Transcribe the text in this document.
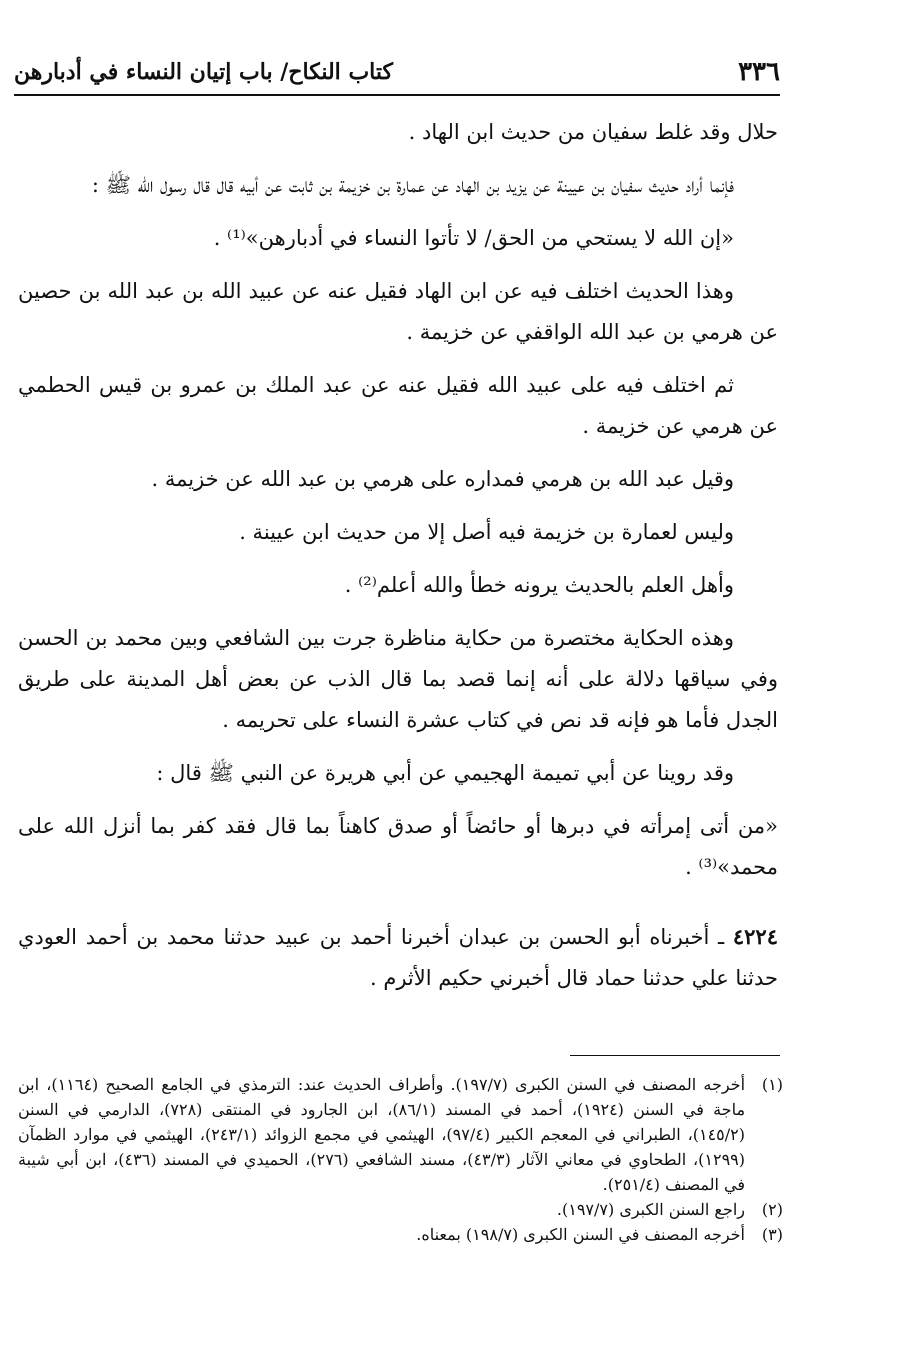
٣٣٦
كتاب النكاح/ باب إتيان النساء في أدبارهن

حلال وقد غلط سفيان من حديث ابن الهاد .

فإنما أراد حديث سفيان بن عيينة عن يزيد بن الهاد عن عمارة بن خزيمة بن ثابت عن أبيه قال قال رسول الله ﷺ :

«إن الله لا يستحي من الحق/ لا تأتوا النساء في أدبارهن»⁽¹⁾ .

وهذا الحديث اختلف فيه عن ابن الهاد فقيل عنه عن عبيد الله بن عبد الله بن حصين عن هرمي بن عبد الله الواقفي عن خزيمة .

ثم اختلف فيه على عبيد الله فقيل عنه عن عبد الملك بن عمرو بن قيس الحطمي عن هرمي عن خزيمة .

وقيل عبد الله بن هرمي فمداره على هرمي بن عبد الله عن خزيمة .

وليس لعمارة بن خزيمة فيه أصل إلا من حديث ابن عيينة .

وأهل العلم بالحديث يرونه خطأ والله أعلم⁽²⁾ .

وهذه الحكاية مختصرة من حكاية مناظرة جرت بين الشافعي وبين محمد بن الحسن وفي سياقها دلالة على أنه إنما قصد بما قال الذب عن بعض أهل المدينة على طريق الجدل فأما هو فإنه قد نص في كتاب عشرة النساء على تحريمه .

وقد روينا عن أبي تميمة الهجيمي عن أبي هريرة عن النبي ﷺ قال :

«من أتى إمرأته في دبرها أو حائضاً أو صدق كاهناً بما قال فقد كفر بما أنزل الله على محمد»⁽³⁾ .

٤٢٢٤ ـ أخبرناه أبو الحسن بن عبدان أخبرنا أحمد بن عبيد حدثنا محمد بن أحمد العودي حدثنا علي حدثنا حماد قال أخبرني حكيم الأثرم .

(١)
أخرجه المصنف في السنن الكبرى (١٩٧/٧). وأطراف الحديث عند: الترمذي في الجامع الصحيح (١١٦٤)، ابن ماجة في السنن (١٩٢٤)، أحمد في المسند (٨٦/١)، ابن الجارود في المنتقى (٧٢٨)، الدارمي في السنن (١٤٥/٢)، الطبراني في المعجم الكبير (٩٧/٤)، الهيثمي في مجمع الزوائد (٢٤٣/١)، الهيثمي في موارد الظمآن (١٢٩٩)، الطحاوي في معاني الآثار (٤٣/٣)، مسند الشافعي (٢٧٦)، الحميدي في المسند (٤٣٦)، ابن أبي شيبة في المصنف (٢٥١/٤).
(٢)
راجع السنن الكبرى (١٩٧/٧).
(٣)
أخرجه المصنف في السنن الكبرى (١٩٨/٧) بمعناه.
